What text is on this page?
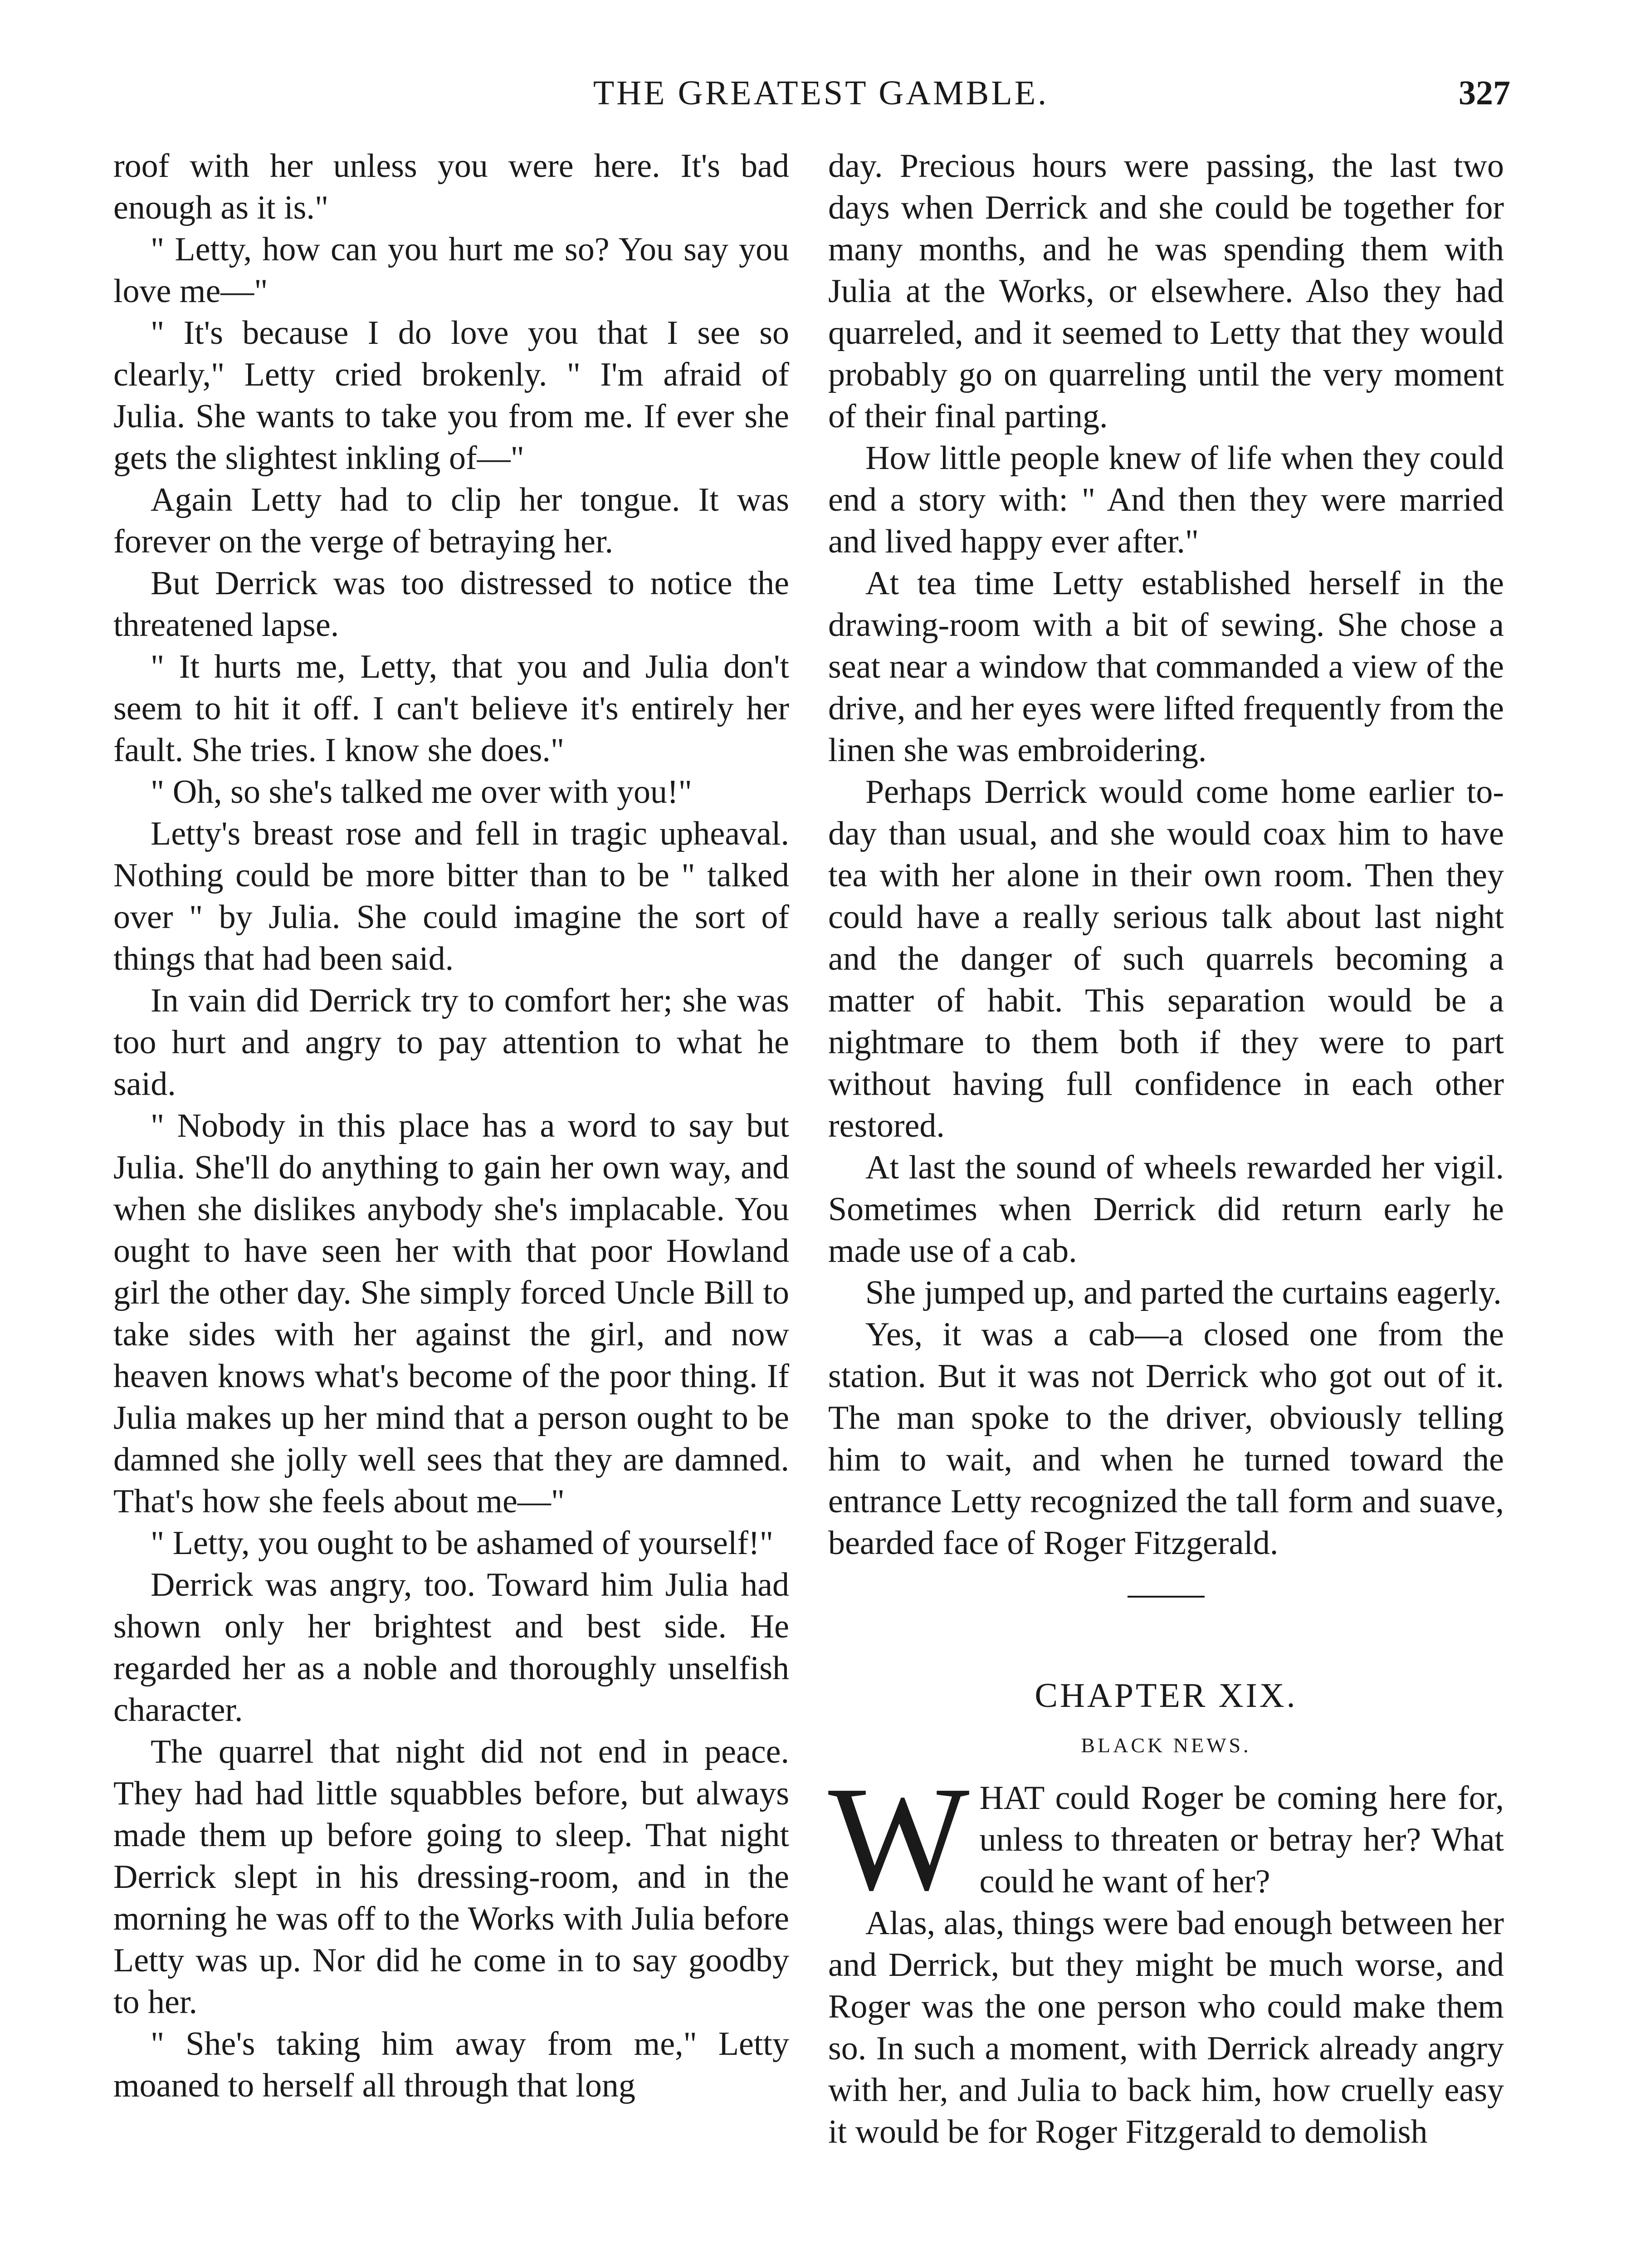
THE GREATEST GAMBLE.	327

roof with her unless you were here. It's bad enough as it is."

" Letty, how can you hurt me so? You say you love me—"

" It's because I do love you that I see so clearly," Letty cried brokenly. " I'm afraid of Julia. She wants to take you from me. If ever she gets the slightest inkling of—"

Again Letty had to clip her tongue. It was forever on the verge of betraying her.

But Derrick was too distressed to notice the threatened lapse.

" It hurts me, Letty, that you and Julia don't seem to hit it off. I can't believe it's entirely her fault. She tries. I know she does."

" Oh, so she's talked me over with you!"

Letty's breast rose and fell in tragic upheaval. Nothing could be more bitter than to be " talked over " by Julia. She could imagine the sort of things that had been said.

In vain did Derrick try to comfort her; she was too hurt and angry to pay attention to what he said.

" Nobody in this place has a word to say but Julia. She'll do anything to gain her own way, and when she dislikes anybody she's implacable. You ought to have seen her with that poor Howland girl the other day. She simply forced Uncle Bill to take sides with her against the girl, and now heaven knows what's become of the poor thing. If Julia makes up her mind that a person ought to be damned she jolly well sees that they are damned. That's how she feels about me—"

" Letty, you ought to be ashamed of yourself!"

Derrick was angry, too. Toward him Julia had shown only her brightest and best side. He regarded her as a noble and thoroughly unselfish character.

The quarrel that night did not end in peace. They had had little squabbles before, but always made them up before going to sleep. That night Derrick slept in his dressing-room, and in the morning he was off to the Works with Julia before Letty was up. Nor did he come in to say goodby to her.

" She's taking him away from me," Letty moaned to herself all through that long

day. Precious hours were passing, the last two days when Derrick and she could be together for many months, and he was spending them with Julia at the Works, or elsewhere. Also they had quarreled, and it seemed to Letty that they would probably go on quarreling until the very moment of their final parting.

How little people knew of life when they could end a story with: " And then they were married and lived happy ever after."

At tea time Letty established herself in the drawing-room with a bit of sewing. She chose a seat near a window that commanded a view of the drive, and her eyes were lifted frequently from the linen she was embroidering.

Perhaps Derrick would come home earlier to-day than usual, and she would coax him to have tea with her alone in their own room. Then they could have a really serious talk about last night and the danger of such quarrels becoming a matter of habit. This separation would be a nightmare to them both if they were to part without having full confidence in each other restored.

At last the sound of wheels rewarded her vigil. Sometimes when Derrick did return early he made use of a cab.

She jumped up, and parted the curtains eagerly.

Yes, it was a cab—a closed one from the station. But it was not Derrick who got out of it. The man spoke to the driver, obviously telling him to wait, and when he turned toward the entrance Letty recognized the tall form and suave, bearded face of Roger Fitzgerald.

CHAPTER XIX.
BLACK NEWS.

WHAT could Roger be coming here for, unless to threaten or betray her? What could he want of her?

Alas, alas, things were bad enough between her and Derrick, but they might be much worse, and Roger was the one person who could make them so. In such a moment, with Derrick already angry with her, and Julia to back him, how cruelly easy it would be for Roger Fitzgerald to demolish
